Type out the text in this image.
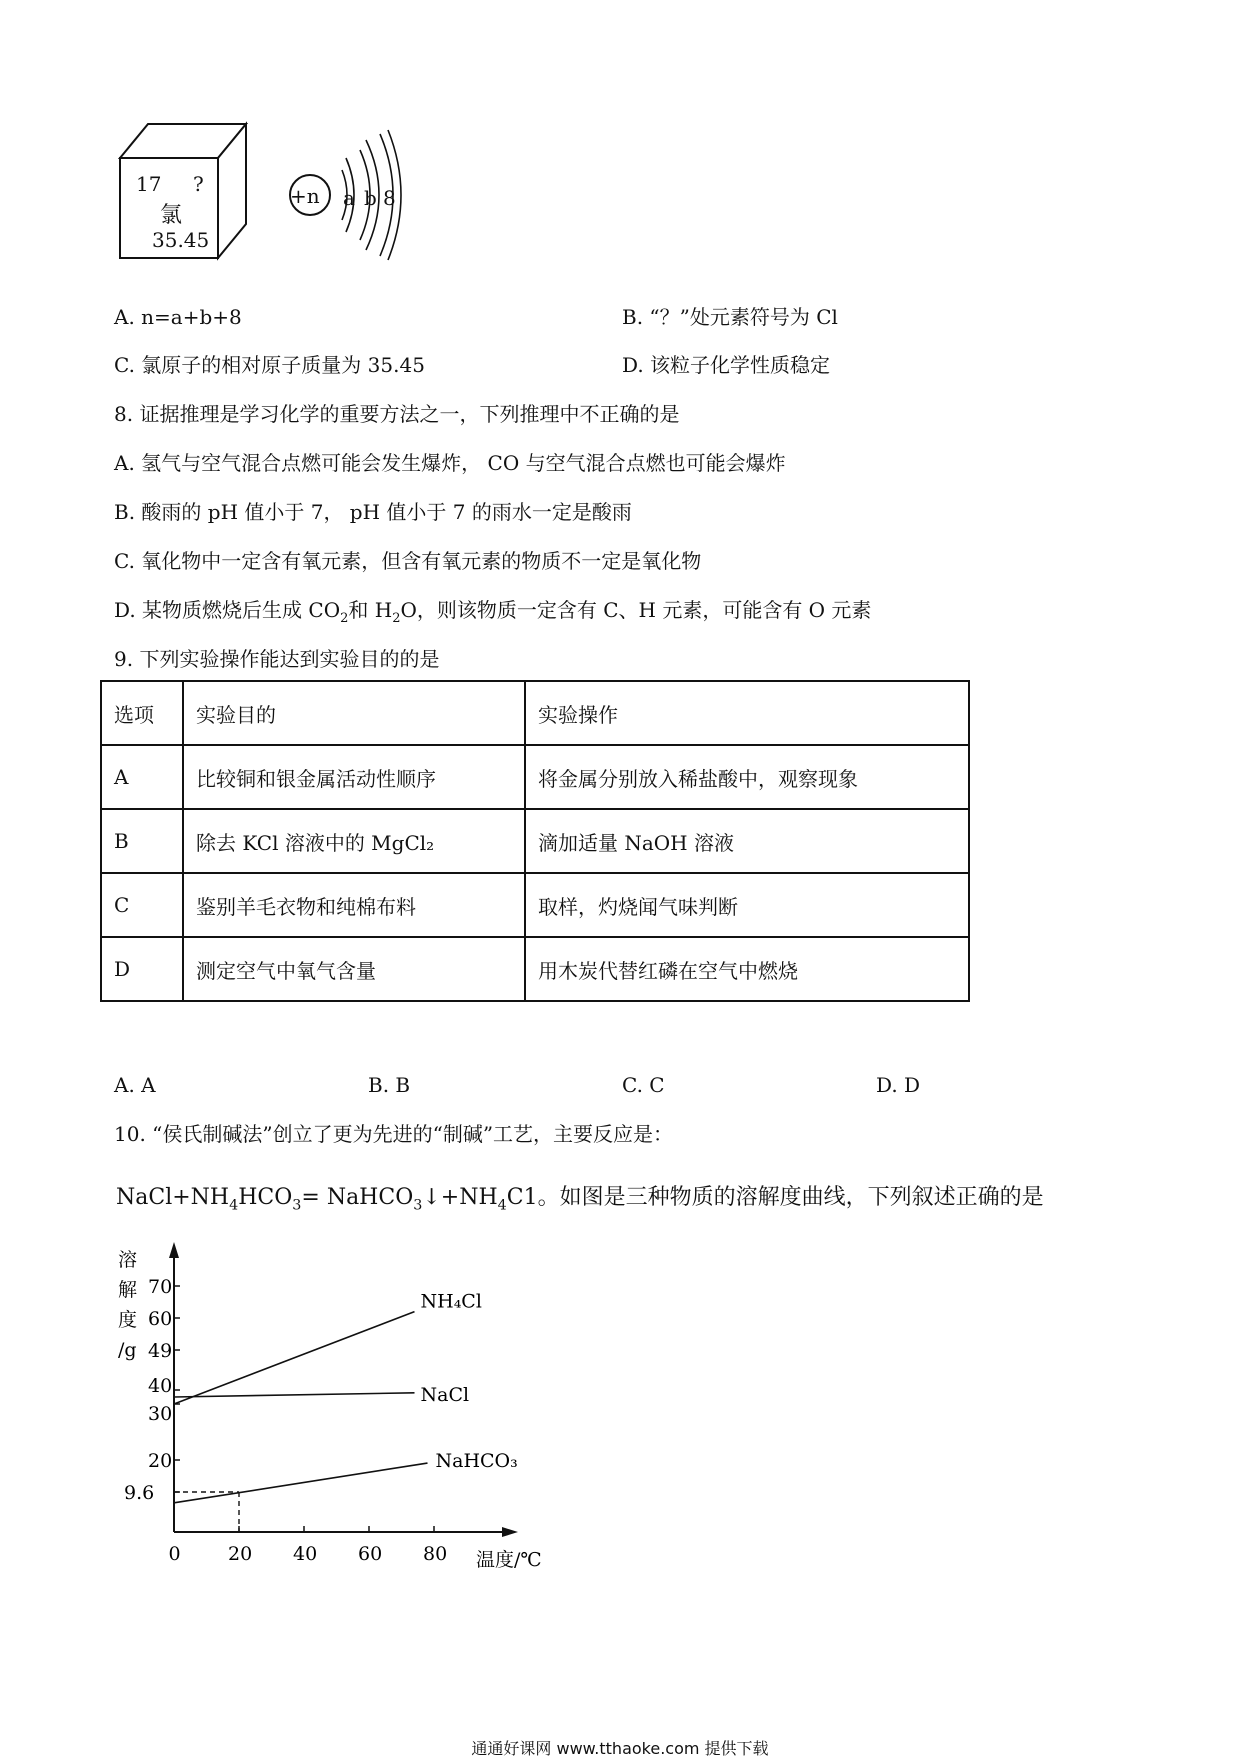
17 ?
氯
35.45
+n a b 8
A. n=a+b+8	B. “？”处元素符号为 Cl
C. 氯原子的相对原子质量为 35.45	D. 该粒子化学性质稳定
8. 证据推理是学习化学的重要方法之一，下列推理中不正确的是
A. 氢气与空气混合点燃可能会发生爆炸， CO 与空气混合点燃也可能会爆炸
B. 酸雨的 pH 值小于 7， pH 值小于 7 的雨水一定是酸雨
C. 氧化物中一定含有氧元素，但含有氧元素的物质不一定是氧化物
D. 某物质燃烧后生成 $CO_2$和 $H_2O$，则该物质一定含有 C、H 元素，可能含有 O 元素
9. 下列实验操作能达到实验目的的是
选项	实验目的	实验操作
A	比较铜和银金属活动性顺序	将金属分别放入稀盐酸中，观察现象
B	除去 KCl 溶液中的 MgCl₂	滴加适量 NaOH 溶液
C	鉴别羊毛衣物和纯棉布料	取样，灼烧闻气味判断
D	测定空气中氧气含量	用木炭代替红磷在空气中燃烧
A. A	B. B	C. C	D. D
10. “侯氏制碱法”创立了更为先进的“制碱”工艺，主要反应是：
$NaCl+NH_4HCO_3=$ $NaHCO_3↓+NH_4C1$。如图是三种物质的溶解度曲线，下列叙述正确的是
溶
解
度
/g
9.6
20
30
40
49
60
70
0 20 40 60 80 温度/℃
NH₄Cl
NaCl
NaHCO₃
通通好课网 www.tthaoke.com 提供下载
